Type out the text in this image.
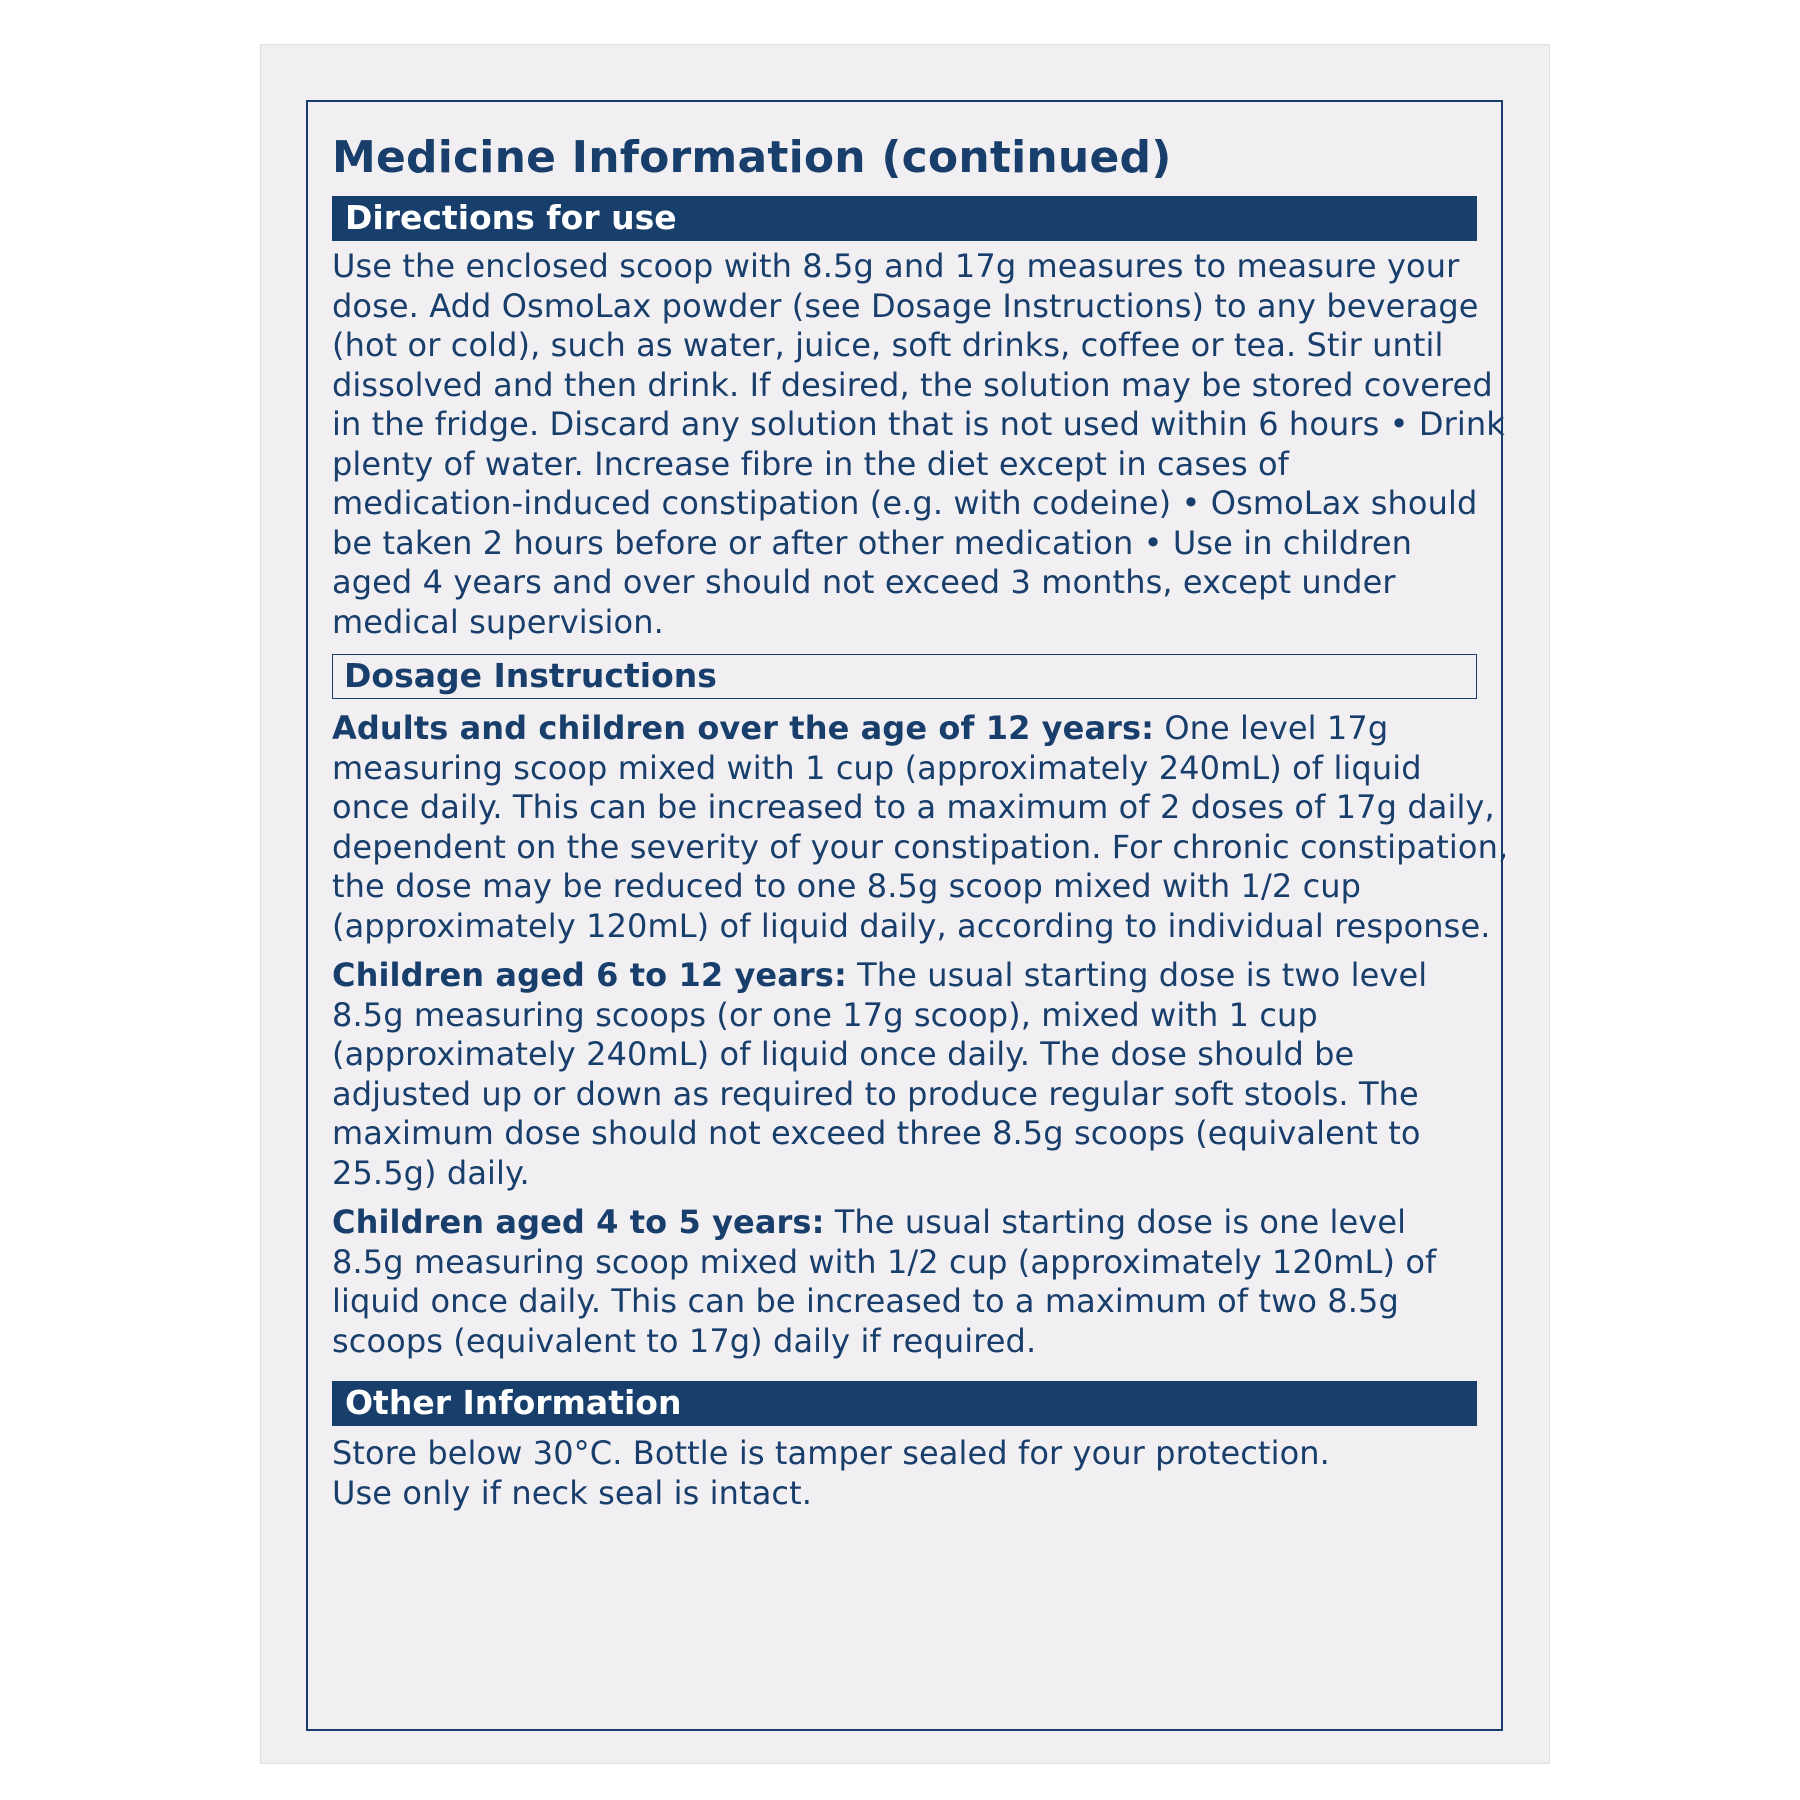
Medicine Information (continued)
Directions for use
Use the enclosed scoop with 8.5g and 17g measures to measure your
dose. Add OsmoLax powder (see Dosage Instructions) to any beverage
(hot or cold), such as water, juice, soft drinks, coffee or tea. Stir until
dissolved and then drink. If desired, the solution may be stored covered
in the fridge. Discard any solution that is not used within 6 hours • Drink
plenty of water. Increase fibre in the diet except in cases of
medication-induced constipation (e.g. with codeine) • OsmoLax should
be taken 2 hours before or after other medication • Use in children
aged 4 years and over should not exceed 3 months, except under
medical supervision.
Dosage Instructions
Adults and children over the age of 12 years: One level 17g
measuring scoop mixed with 1 cup (approximately 240mL) of liquid
once daily. This can be increased to a maximum of 2 doses of 17g daily,
dependent on the severity of your constipation. For chronic constipation,
the dose may be reduced to one 8.5g scoop mixed with 1/2 cup
(approximately 120mL) of liquid daily, according to individual response.
Children aged 6 to 12 years: The usual starting dose is two level
8.5g measuring scoops (or one 17g scoop), mixed with 1 cup
(approximately 240mL) of liquid once daily. The dose should be
adjusted up or down as required to produce regular soft stools. The
maximum dose should not exceed three 8.5g scoops (equivalent to
25.5g) daily.
Children aged 4 to 5 years: The usual starting dose is one level
8.5g measuring scoop mixed with 1/2 cup (approximately 120mL) of
liquid once daily. This can be increased to a maximum of two 8.5g
scoops (equivalent to 17g) daily if required.
Other Information
Store below 30°C. Bottle is tamper sealed for your protection.
Use only if neck seal is intact.
